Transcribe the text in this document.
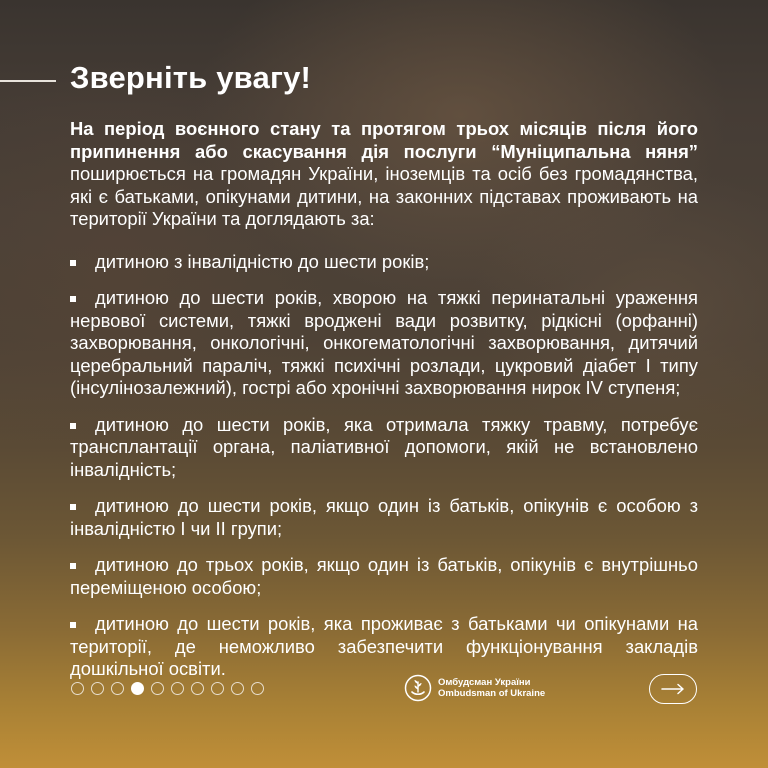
Зверніть увагу!

На період воєнного стану та протягом трьох місяців після його припинення або скасування дія послуги “Муніципальна няня” поширюється на громадян України, іноземців та осіб без громадянства, які є батьками, опікунами дитини, на законних підставах проживають на території України та доглядають за:

дитиною з інвалідністю до шести років;
дитиною до шести років, хворою на тяжкі перинатальні ураження нервової системи, тяжкі вроджені вади розвитку, рідкісні (орфанні) захворювання, онкологічні, онкогематологічні захворювання, дитячий церебральний параліч, тяжкі психічні розлади, цукровий діабет I типу (інсулінозалежний), гострі або хронічні захворювання нирок IV ступеня;
дитиною до шести років, яка отримала тяжку травму, потребує трансплантації органа, паліативної допомоги, якій не встановлено інвалідність;
дитиною до шести років, якщо один із батьків, опікунів є особою з інвалідністю I чи II групи;
дитиною до трьох років, якщо один із батьків, опікунів є внутрішньо переміщеною особою;
дитиною до шести років, яка проживає з батьками чи опікунами на території, де неможливо забезпечити функціонування закладів дошкільної освіти.
Омбудсман України
Ombudsman of Ukraine
